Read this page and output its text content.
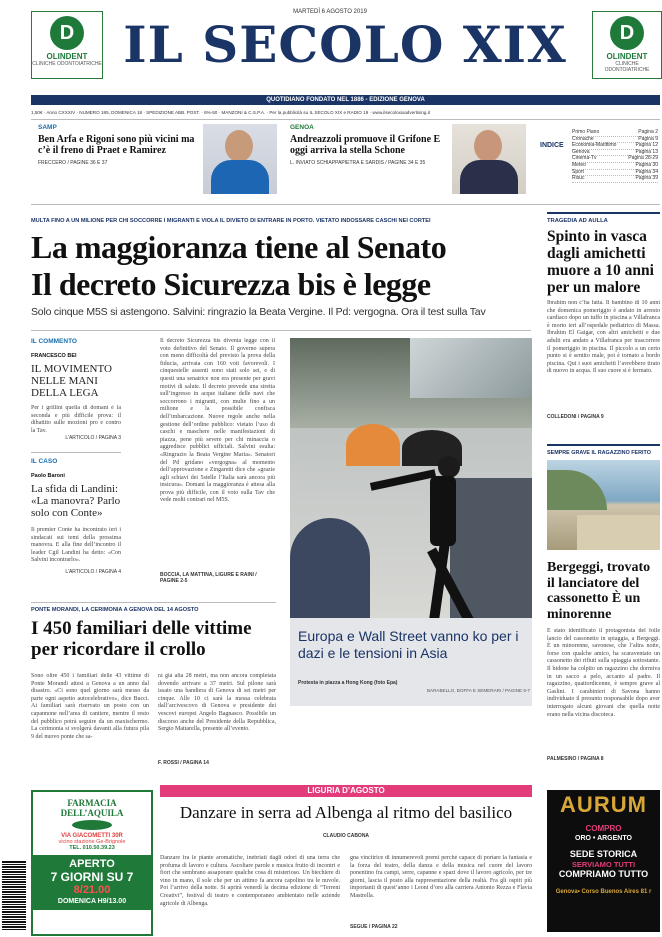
D
OLINDENT
CLINICHE ODONTOIATRICHE
D
OLINDENT
CLINICHE ODONTOIATRICHE
MARTEDÌ 6 AGOSTO 2019
IL SECOLO XIX
QUOTIDIANO FONDATO NEL 1886 - EDIZIONE GENOVA
1,50€ · Anno CXXXIV · NUMERO 185, DOMENICA 18 · SPEDIZIONE ABB. POST. · 6%-50 · MANZONI & C.S.P.A. · Per la pubblicità su IL SECOLO XIX e RADIO 19 · www.ilsecoloxixadvertising.it
SAMP
Ben Arfa e Rigoni sono più vicini ma c’è il freno di Praet e Ramirez
FRECCERO / PAGINE 36 E 37
GENOA
Andreazzoli promuove il Grifone E oggi arriva la stella Schone
L. INVIATO SCHIAPPAPIETRA E SARDIS / PAGINE 34 E 35
INDICE
Primo Piano	Pagina 2
Cronache	Pagina 9
Economia-Marittimo	Pagina 12
Genova	Pagina 13
Cinema-Tv	Pagina 28-29
Meteo	Pagina 30
Sport	Pagina 34
Risuc	Pagina 39
MULTA FINO A UN MILIONE PER CHI SOCCORRE I MIGRANTI E VIOLA IL DIVIETO DI ENTRARE IN PORTO. VIETATO INDOSSARE CASCHI NEI CORTEI
La maggioranza tiene al Senato
Il decreto Sicurezza bis è legge
Solo cinque M5S si astengono. Salvini: ringrazio la Beata Vergine. Il Pd: vergogna. Ora il test sulla Tav
IL COMMENTO
FRANCESCO BEI
IL MOVIMENTO NELLE MANI DELLA LEGA
Per i grillini quella di domani è la seconda e più difficile prova: il dibattito sulle mozioni pro e contro la Tav.
L’ARTICOLO / PAGINA 3
IL CASO
Paolo Baroni
La sfida di Landini: «La manovra? Parlo solo con Conte»
Il premier Conte ha incontrato ieri i sindacati sui temi della prossima manovra. E alla fine dell’incontro il leader Cgil Landini ha detto: «Con Salvini incontrarlo».
L’ARTICOLO / PAGINA 4
Il decreto Sicurezza bis diventa legge con il voto definitivo del Senato. Il governo supera con meno difficoltà del previsto la prova della fiducia, arrivata con 160 voti favorevoli. I cinquestelle assenti sono stati solo sei, e di questi una senatrice non era presente per gravi motivi di salute. Il decreto prevede una stretta sull’ingresso in acque italiane delle navi che soccorrono i migranti, con multe fino a un milione e la possibile confisca dell’imbarcazione. Nuove regole anche nella gestione dell’ordine pubblico: vietato l’uso di caschi e maschere nelle manifestazioni di piazza, pene più severe per chi minaccia o aggredisce pubblici ufficiali. Salvini esulta: «Ringrazio la Beata Vergine Maria». Senatori del Pd gridano «vergogna» al momento dell’approvazione e Zingaretti dice che «grazie agli schiavi dei 5stelle l’Italia sarà ancora più insicura». Domani la maggioranza è attesa alla prova più difficile, con il voto sulla Tav che vede molti contrari nel M5S.
BOCCIA, LA MATTINA, LIGURE E RAINI / PAGINE 2-5
Europa e Wall Street vanno ko per i dazi e le tensioni in Asia
Protesta in piazza a Hong Kong (foto Epa)
BARABELLO, BOFFA E SEMERARI / PAGINE 6-7
PONTE MORANDI, LA CERIMONIA A GENOVA DEL 14 AGOSTO
I 450 familiari delle vittime per ricordare il crollo
Sono oltre 450 i familiari delle 43 vittime di Ponte Morandi attesi a Genova a un anno dal disastro. «Ci sono quel giorno sarà messo da parte ogni aspetto autocelebrativo», dice Bucci. Ai familiari sarà riservato un posto con un capannone nell’area di cantiere, mentre il resto del pubblico potrà seguire da un maxischermo. La cerimonia si svolgerà davanti alla futura pila 9 del nuovo ponte che sa-
rà già alta 28 metri, ma non ancora completata dovendo arrivare a 37 metri. Sul pilone sarà issato una bandiera di Genova di sei metri per cinque. Alle 10 ci sarà la messa celebrata dall’arcivescovo di Genova e presidente dei vescovi europei Angelo Bagnasco. Possibile un discorso anche del Presidente della Repubblica, Sergio Mattarella, presente all’evento.
F. ROSSI / PAGINA 14
TRAGEDIA AD AULLA
Spinto in vasca dagli amichetti muore a 10 anni per un malore
Ibrahim non c’ha fatta. Il bambino di 10 anni che domenica pomeriggio è andato in arresto cardiaco dopo un tuffo in piscina a Villafranca è morto ieri all’ospedale pediatrico di Massa. Ibrahim El Gaigar, con altri amichetti e due adulti era andato a Villafranca per trascorrere il pomeriggio in piscina. Il piccolo a un certo punto si è sentito male, poi è tornato a bordo piscina. Qui i suoi amichetti l’avrebbero tirato di nuovo in acqua. Il suo cuore si è fermato.
COLLEDONI / PAGINA 9
SEMPRE GRAVE IL RAGAZZINO FERITO
Bergeggi, trovato il lanciatore del cassonetto È un minorenne
È stato identificato il protagonista del folle lancio del cassonetto in spiaggia, a Bergeggi. È un minorenne, savonese, che l’altra notte, forse con qualche amico, ha scaraventato un cassonetto dei rifiuti sulla spiaggia sottostante. Il bidone ha colpito un ragazzino che dormiva in un sacco a pelo, accanto al padre. Il ragazzino, quattordicenne, è sempre grave al Gaslini. I carabinieri di Savona hanno individuato il presunto responsabile dopo aver interrogato alcuni giovani che quella notte erano nella vicina discoteca.
PALMESINO / PAGINA 8
LIGURIA D’AGOSTO
Danzare in serra ad Albenga al ritmo del basilico
CLAUDIO CABONA
Danzare fra le piante aromatiche, inebriati dagli odori di una terra che profuma di lavoro e cultura. Ascoltare parole e musica frutto di incontri e fiori che sembrano assaporare qualche cosa di misterioso. Un biechiere di vino in mano, il sole che per un attimo fa ancora capolino tra le nuvole. Poi l’arrivo della notte. Si aprirà venerdì la decima edizione di “Terreni Creativi”, festival di teatro e contemporaneo ambientato nelle aziende agricole di Albenga.
gna vincitrice di innumerevoli premi perché capace di portare la fantasia e la forza del teatro, della danza e della musica nel cuore del lavoro ponentino fra campi, serre, capanne e spazi dove il lavoro agricolo, per tre giorni, lascia il posto alla rappresentazione della realtà. Fra gli ospiti più importanti di quest’anno i Leoni d’oro alla carriera Antonio Rezza e Flavia Mastrella.
SEGUE / PAGINA 22
FARMACIA DELL’AQUILA
VIA GIACOMETTI 30R
vicino stazione Ge-Brignole
TEL. 010.50.39.23
APERTO
7 GIORNI SU 7
8/21.00
DOMENICA H9/13.00
AURUM
COMPRO
ORO • ARGENTO
SEDE STORICA
SERVIAMO TUTTI
COMPRIAMO TUTTO
Genova• Corso Buenos Aires 81 r
